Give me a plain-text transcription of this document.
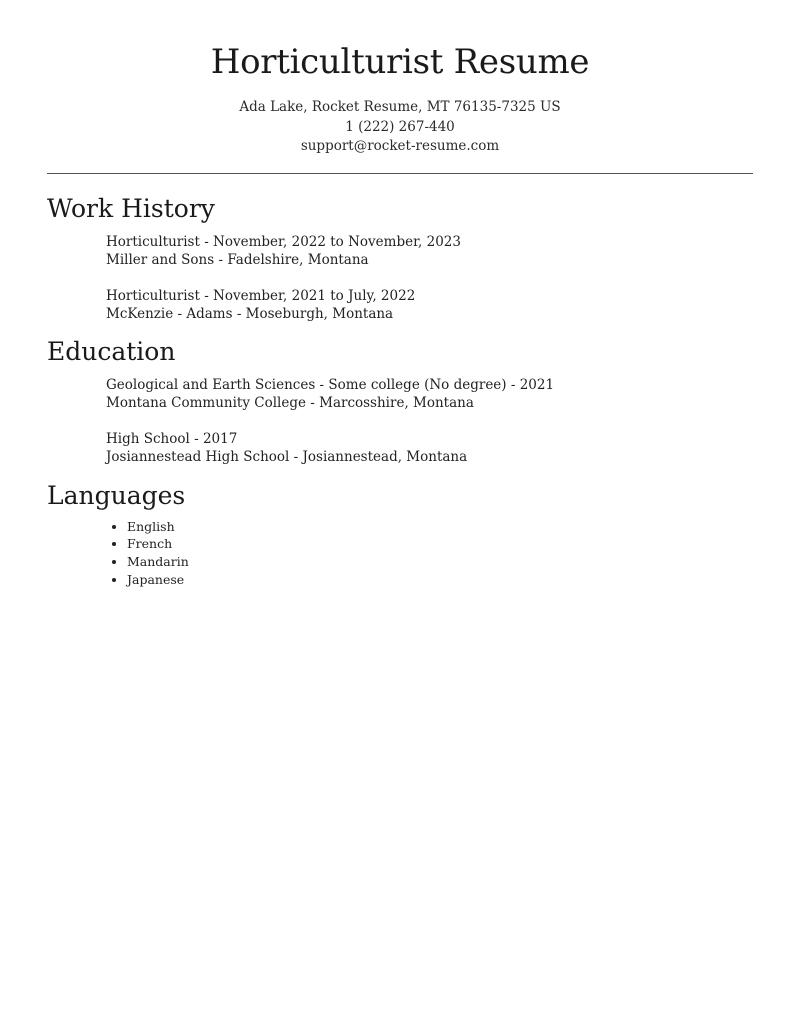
Horticulturist Resume
Ada Lake, Rocket Resume, MT 76135-7325 US
1 (222) 267-440
support@rocket-resume.com
Work History
Horticulturist - November, 2022 to November, 2023
Miller and Sons - Fadelshire, Montana
Horticulturist - November, 2021 to July, 2022
McKenzie - Adams - Moseburgh, Montana
Education
Geological and Earth Sciences - Some college (No degree) - 2021
Montana Community College - Marcosshire, Montana
High School - 2017
Josiannestead High School - Josiannestead, Montana
Languages
• English
• French
• Mandarin
• Japanese
